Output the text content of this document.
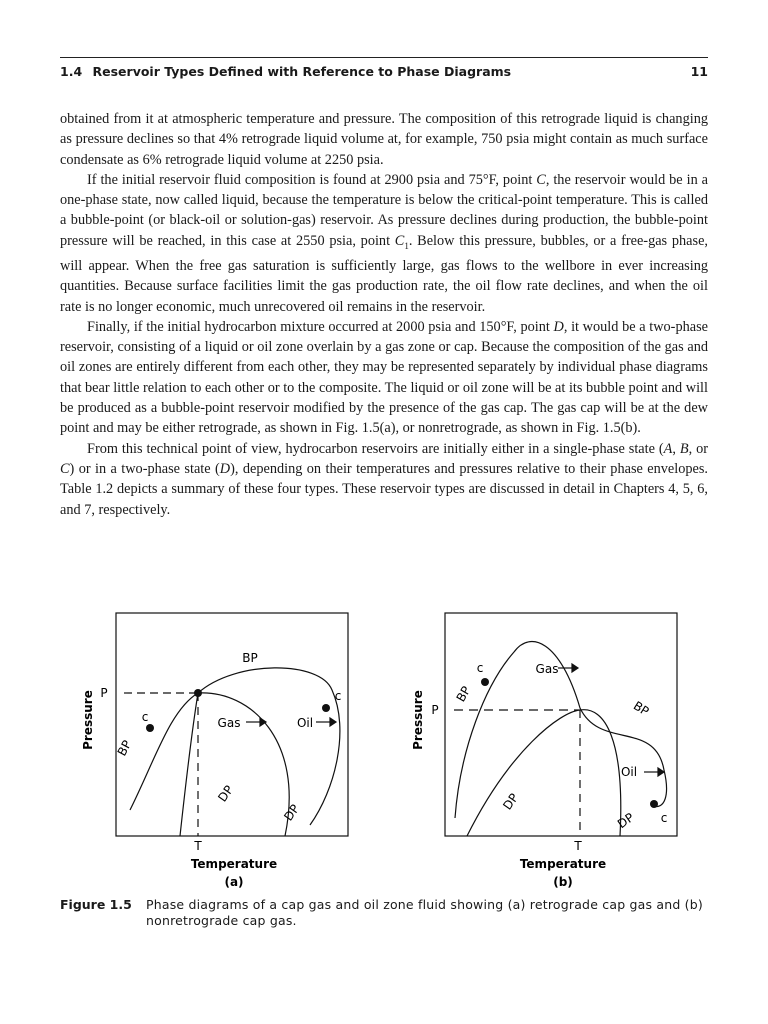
1.4 Reservoir Types Defined with Reference to Phase Diagrams	11

obtained from it at atmospheric temperature and pressure. The composition of this retrograde liquid is changing as pressure declines so that 4% retrograde liquid volume at, for example, 750 psia might contain as much surface condensate as 6% retrograde liquid volume at 2250 psia.

If the initial reservoir fluid composition is found at 2900 psia and 75°F, point C, the reservoir would be in a one-phase state, now called liquid, because the temperature is below the critical-point temperature. This is called a bubble-point (or black-oil or solution-gas) reservoir. As pressure declines during production, the bubble-point pressure will be reached, in this case at 2550 psia, point $C_1$. Below this pressure, bubbles, or a free-gas phase, will appear. When the free gas saturation is sufficiently large, gas flows to the wellbore in ever increasing quantities. Because surface facilities limit the gas production rate, the oil flow rate declines, and when the oil rate is no longer economic, much unrecovered oil remains in the reservoir.

Finally, if the initial hydrocarbon mixture occurred at 2000 psia and 150°F, point D, it would be a two-phase reservoir, consisting of a liquid or oil zone overlain by a gas zone or cap. Because the composition of the gas and oil zones are entirely different from each other, they may be represented separately by individual phase diagrams that bear little relation to each other or to the composite. The liquid or oil zone will be at its bubble point and will be produced as a bubble-point reservoir modified by the presence of the gas cap. The gas cap will be at the dew point and may be either retrograde, as shown in Fig. 1.5(a), or nonretrograde, as shown in Fig. 1.5(b).

From this technical point of view, hydrocarbon reservoirs are initially either in a single-phase state (A, B, or C) or in a two-phase state (D), depending on their temperatures and pressures relative to their phase envelopes. Table 1.2 depicts a summary of these four types. These reservoir types are discussed in detail in Chapters 4, 5, 6, and 7, respectively.

BP
BP
c
c
Gas	Oil
DP
DP
P
T
Pressure
Temperature
(a)
c
c
Gas
Oil
BP
BP
DP
DP
P
T
Pressure
Temperature
(b)
Figure 1.5 Phase diagrams of a cap gas and oil zone fluid showing (a) retrograde cap gas and (b) nonretrograde cap gas.
